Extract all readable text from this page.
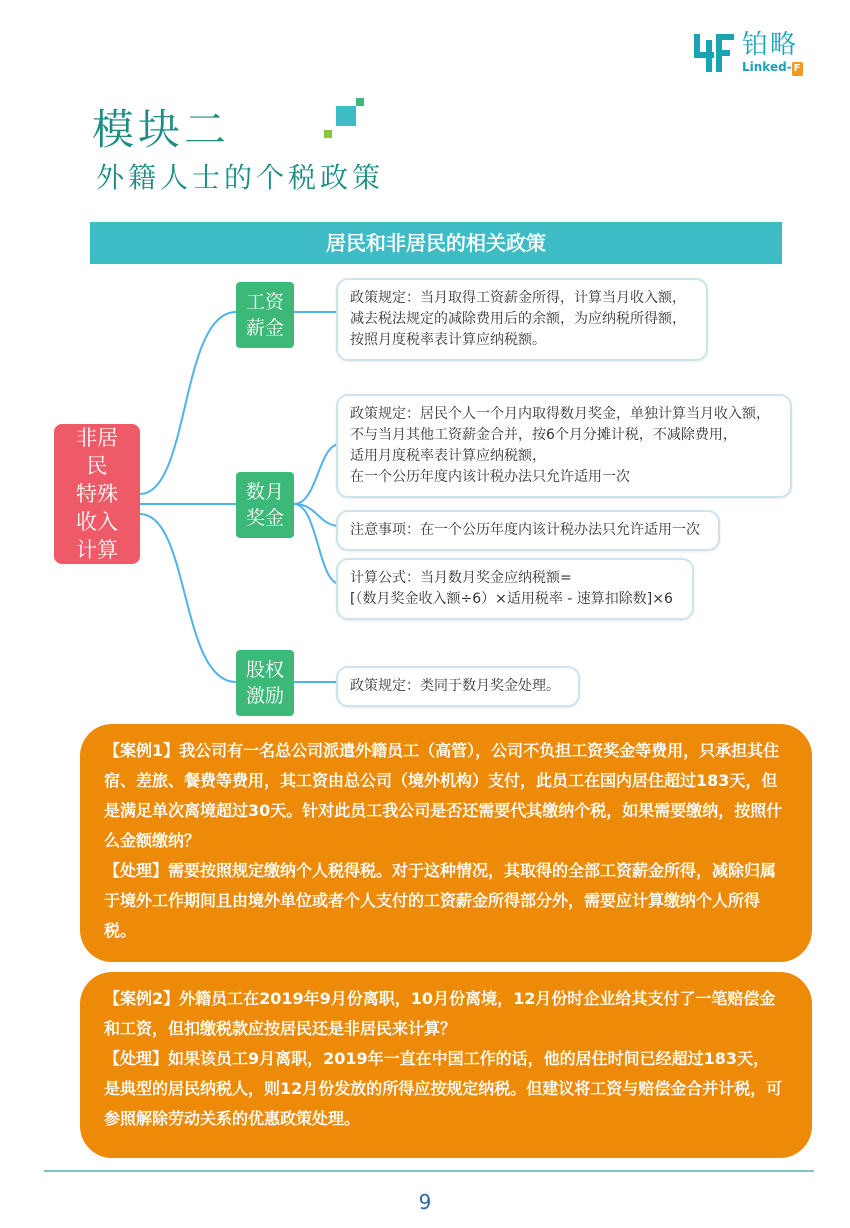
铂略
Linked- F
模块二
外籍人士的个税政策
居民和非居民的相关政策
非居民
特殊
收入
计算
工资
薪金
数月
奖金
股权
激励
政策规定：当月取得工资薪金所得，计算当月收入额，
减去税法规定的减除费用后的余额，为应纳税所得额，
按照月度税率表计算应纳税额。
政策规定：居民个人一个月内取得数月奖金，单独计算当月收入额，
不与当月其他工资薪金合并，按6个月分摊计税，不减除费用，
适用月度税率表计算应纳税额，
在一个公历年度内该计税办法只允许适用一次
注意事项：在一个公历年度内该计税办法只允许适用一次
计算公式：当月数月奖金应纳税额=
[（数月奖金收入额÷6）×适用税率 - 速算扣除数]×6
政策规定：类同于数月奖金处理。

【案例1】我公司有一名总公司派遣外籍员工（高管），公司不负担工资奖金等费用，只承担其住宿、差旅、餐费等费用，其工资由总公司（境外机构）支付，此员工在国内居住超过183天，但是满足单次离境超过30天。针对此员工我公司是否还需要代其缴纳个税，如果需要缴纳，按照什么金额缴纳？

【处理】需要按照规定缴纳个人税得税。对于这种情况，其取得的全部工资薪金所得，减除归属于境外工作期间且由境外单位或者个人支付的工资薪金所得部分外，需要应计算缴纳个人所得税。

【案例2】外籍员工在2019年9月份离职，10月份离境，12月份时企业给其支付了一笔赔偿金和工资，但扣缴税款应按居民还是非居民来计算？

【处理】如果该员工9月离职，2019年一直在中国工作的话，他的居住时间已经超过183天，是典型的居民纳税人，则12月份发放的所得应按规定纳税。但建议将工资与赔偿金合并计税，可参照解除劳动关系的优惠政策处理。

9
